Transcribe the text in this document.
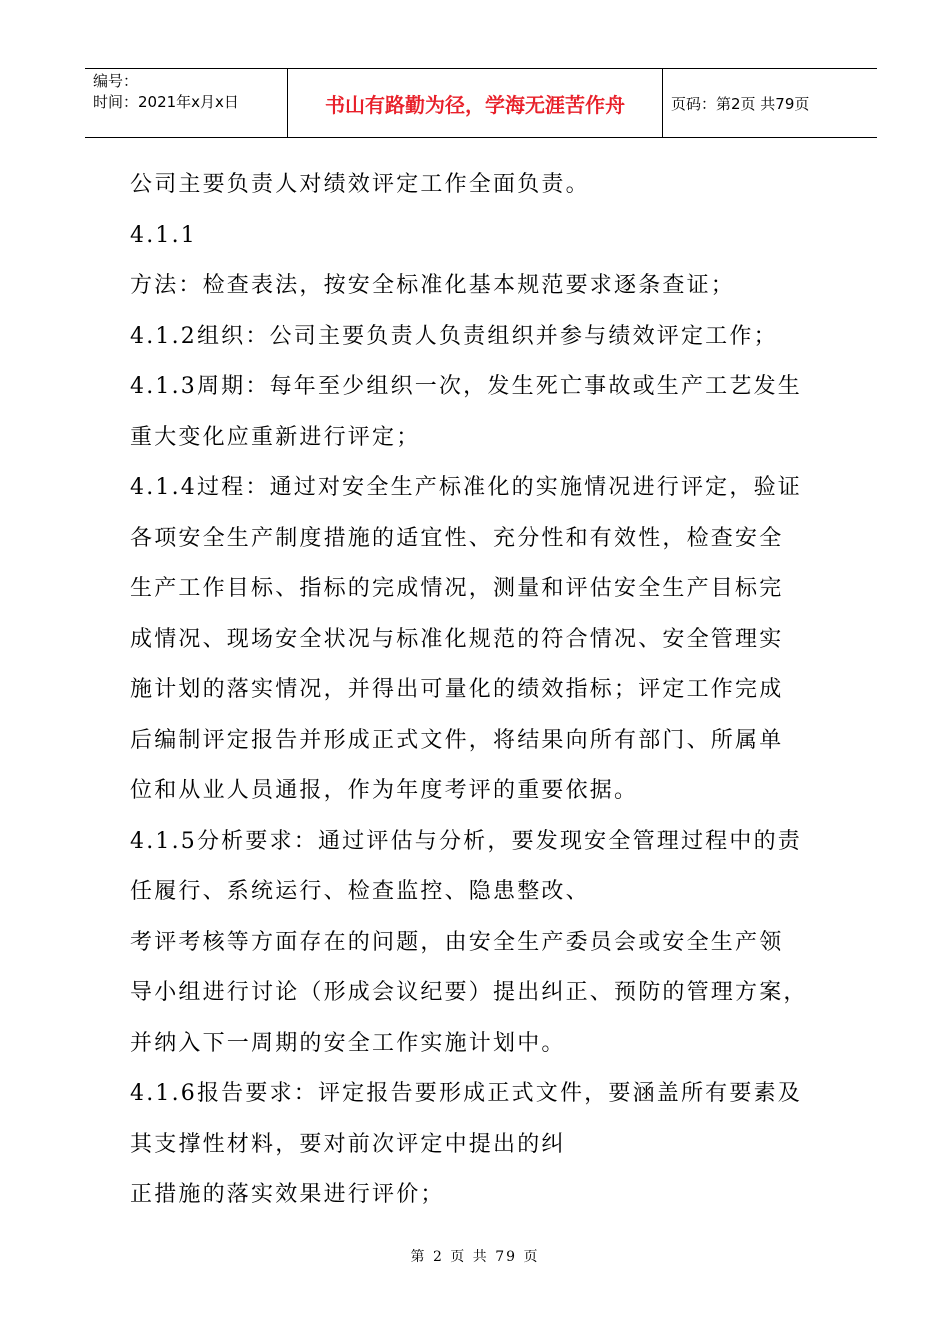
编号：
时间：2021年x月x日	书山有路勤为径，学海无涯苦作舟	页码：第2页 共79页
公司主要负责人对绩效评定工作全面负责。
4.1.1
方法：检查表法，按安全标准化基本规范要求逐条查证；
4.1.2组织：公司主要负责人负责组织并参与绩效评定工作；
4.1.3周期：每年至少组织一次，发生死亡事故或生产工艺发生
重大变化应重新进行评定；
4.1.4过程：通过对安全生产标准化的实施情况进行评定，验证
各项安全生产制度措施的适宜性、充分性和有效性，检查安全
生产工作目标、指标的完成情况，测量和评估安全生产目标完
成情况、现场安全状况与标准化规范的符合情况、安全管理实
施计划的落实情况，并得出可量化的绩效指标；评定工作完成
后编制评定报告并形成正式文件，将结果向所有部门、所属单
位和从业人员通报，作为年度考评的重要依据。
4.1.5分析要求：通过评估与分析，要发现安全管理过程中的责
任履行、系统运行、检查监控、隐患整改、
考评考核等方面存在的问题，由安全生产委员会或安全生产领
导小组进行讨论（形成会议纪要）提出纠正、预防的管理方案，
并纳入下一周期的安全工作实施计划中。
4.1.6报告要求：评定报告要形成正式文件，要涵盖所有要素及
其支撑性材料，要对前次评定中提出的纠
正措施的落实效果进行评价；
第 2 页 共 79 页
